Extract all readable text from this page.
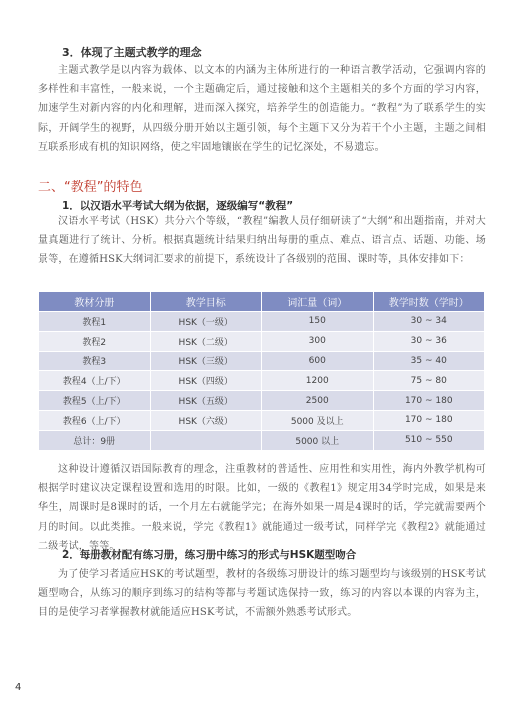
3．体现了主题式教学的理念

主题式教学是以内容为载体、以文本的内涵为主体所进行的一种语言教学活动，它强调内容的多样性和丰富性，一般来说，一个主题确定后，通过接触和这个主题相关的多个方面的学习内容，加速学生对新内容的内化和理解，进而深入探究，培养学生的创造能力。“教程”为了联系学生的实际，开阔学生的视野，从四级分册开始以主题引领，每个主题下又分为若干个小主题，主题之间相互联系形成有机的知识网络，使之牢固地镶嵌在学生的记忆深处，不易遗忘。

二、“教程”的特色
1．以汉语水平考试大纲为依据，逐级编写“教程”

汉语水平考试（HSK）共分六个等级，“教程”编教人员仔细研读了“大纲”和出题指南，并对大量真题进行了统计、分析。根据真题统计结果归纳出每册的重点、难点、语言点、话题、功能、场景等，在遵循HSK大纲词汇要求的前提下，系统设计了各级别的范围、课时等，具体安排如下：

教材分册	教学目标	词汇量（词）	教学时数（学时）
教程1	HSK（一级）	150	30 ~ 34
教程2	HSK（二级）	300	30 ~ 36
教程3	HSK（三级）	600	35 ~ 40
教程4（上/下）	HSK（四级）	1200	75 ~ 80
教程5（上/下）	HSK（五级）	2500	170 ~ 180
教程6（上/下）	HSK（六级）	5000 及以上	170 ~ 180
总计：9册		5000 以上	510 ~ 550

这种设计遵循汉语国际教育的理念，注重教材的普适性、应用性和实用性，海内外教学机构可根据学时建议决定课程设置和选用的时限。比如，一级的《教程1》规定用34学时完成，如果是来华生，周课时是8课时的话，一个月左右就能学完；在海外如果一周是4课时的话，学完就需要两个月的时间。以此类推。一般来说，学完《教程1》就能通过一级考试，同样学完《教程2》就能通过二级考试，等等。

2．每册教材配有练习册，练习册中练习的形式与HSK题型吻合

为了使学习者适应HSK的考试题型，教材的各级练习册设计的练习题型均与该级别的HSK考试题型吻合，从练习的顺序到练习的结构等都与考题试选保持一致，练习的内容以本课的内容为主，目的是使学习者掌握教材就能适应HSK考试，不需额外熟悉考试形式。

4
